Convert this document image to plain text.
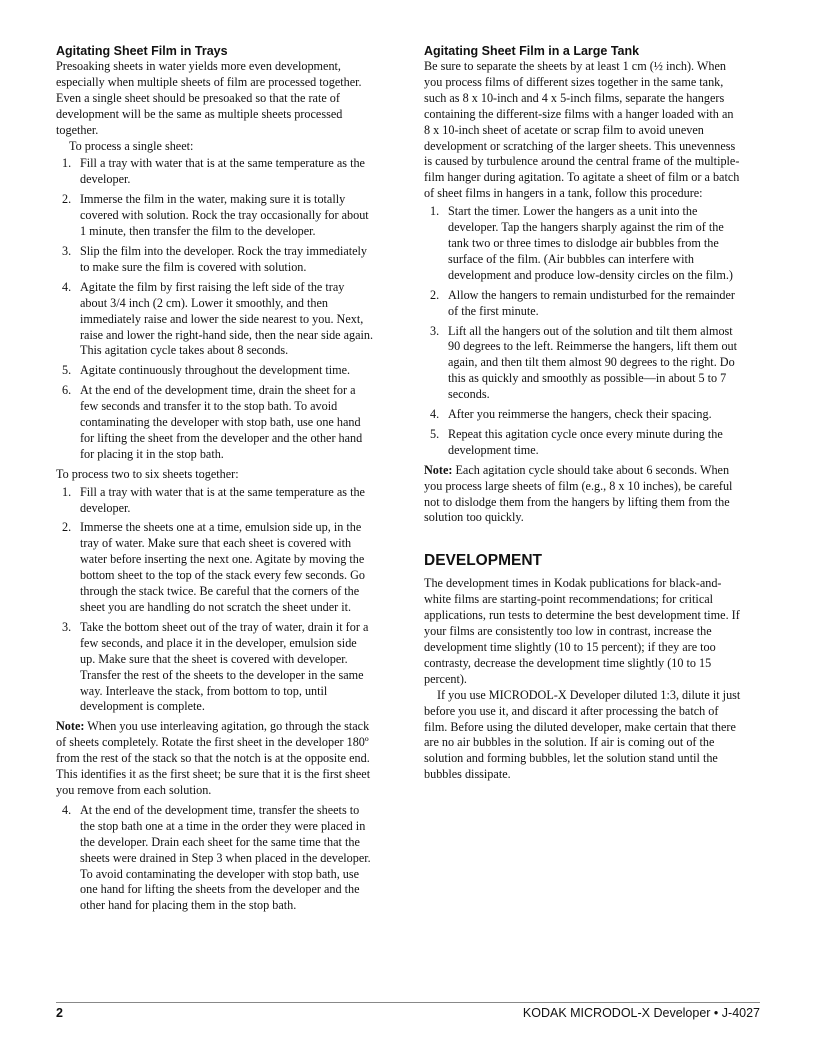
Agitating Sheet Film in Trays

Presoaking sheets in water yields more even development, especially when multiple sheets of film are processed together. Even a single sheet should be presoaked so that the rate of development will be the same as multiple sheets processed together.

To process a single sheet:

1. Fill a tray with water that is at the same temperature as the developer.
2. Immerse the film in the water, making sure it is totally covered with solution. Rock the tray occasionally for about 1 minute, then transfer the film to the developer.
3. Slip the film into the developer. Rock the tray immediately to make sure the film is covered with solution.
4. Agitate the film by first raising the left side of the tray about 3/4 inch (2 cm). Lower it smoothly, and then immediately raise and lower the side nearest to you. Next, raise and lower the right-hand side, then the near side again. This agitation cycle takes about 8 seconds.
5. Agitate continuously throughout the development time.
6. At the end of the development time, drain the sheet for a few seconds and transfer it to the stop bath. To avoid contaminating the developer with stop bath, use one hand for lifting the sheet from the developer and the other hand for placing it in the stop bath.

To process two to six sheets together:

1. Fill a tray with water that is at the same temperature as the developer.
2. Immerse the sheets one at a time, emulsion side up, in the tray of water. Make sure that each sheet is covered with water before inserting the next one. Agitate by moving the bottom sheet to the top of the stack every few seconds. Go through the stack twice. Be careful that the corners of the sheet you are handling do not scratch the sheet under it.
3. Take the bottom sheet out of the tray of water, drain it for a few seconds, and place it in the developer, emulsion side up. Make sure that the sheet is covered with developer. Transfer the rest of the sheets to the developer in the same way. Interleave the stack, from bottom to top, until development is complete.

Note: When you use interleaving agitation, go through the stack of sheets completely. Rotate the first sheet in the developer 180º from the rest of the stack so that the notch is at the opposite end. This identifies it as the first sheet; be sure that it is the first sheet you remove from each solution.

4. At the end of the development time, transfer the sheets to the stop bath one at a time in the order they were placed in the developer. Drain each sheet for the same time that the sheets were drained in Step 3 when placed in the developer. To avoid contaminating the developer with stop bath, use one hand for lifting the sheets from the developer and the other hand for placing them in the stop bath.
Agitating Sheet Film in a Large Tank

Be sure to separate the sheets by at least 1 cm (½ inch). When you process films of different sizes together in the same tank, such as 8 x 10-inch and 4 x 5-inch films, separate the hangers containing the different-size films with a hanger loaded with an 8 x 10-inch sheet of acetate or scrap film to avoid uneven development or scratching of the larger sheets. This unevenness is caused by turbulence around the central frame of the multiple-film hanger during agitation. To agitate a sheet of film or a batch of sheet films in hangers in a tank, follow this procedure:

1. Start the timer. Lower the hangers as a unit into the developer. Tap the hangers sharply against the rim of the tank two or three times to dislodge air bubbles from the surface of the film. (Air bubbles can interfere with development and produce low-density circles on the film.)
2. Allow the hangers to remain undisturbed for the remainder of the first minute.
3. Lift all the hangers out of the solution and tilt them almost 90 degrees to the left. Reimmerse the hangers, lift them out again, and then tilt them almost 90 degrees to the right. Do this as quickly and smoothly as possible—in about 5 to 7 seconds.
4. After you reimmerse the hangers, check their spacing.
5. Repeat this agitation cycle once every minute during the development time.

Note: Each agitation cycle should take about 6 seconds. When you process large sheets of film (e.g., 8 x 10 inches), be careful not to dislodge them from the hangers by lifting them from the solution too quickly.

DEVELOPMENT

The development times in Kodak publications for black-and-white films are starting-point recommendations; for critical applications, run tests to determine the best development time. If your films are consistently too low in contrast, increase the development time slightly (10 to 15 percent); if they are too contrasty, decrease the development time slightly (10 to 15 percent).

If you use MICRODOL-X Developer diluted 1:3, dilute it just before you use it, and discard it after processing the batch of film. Before using the diluted developer, make certain that there are no air bubbles in the solution. If air is coming out of the solution and forming bubbles, let the solution stand until the bubbles dissipate.

2	KODAK MICRODOL-X Developer • J-4027
